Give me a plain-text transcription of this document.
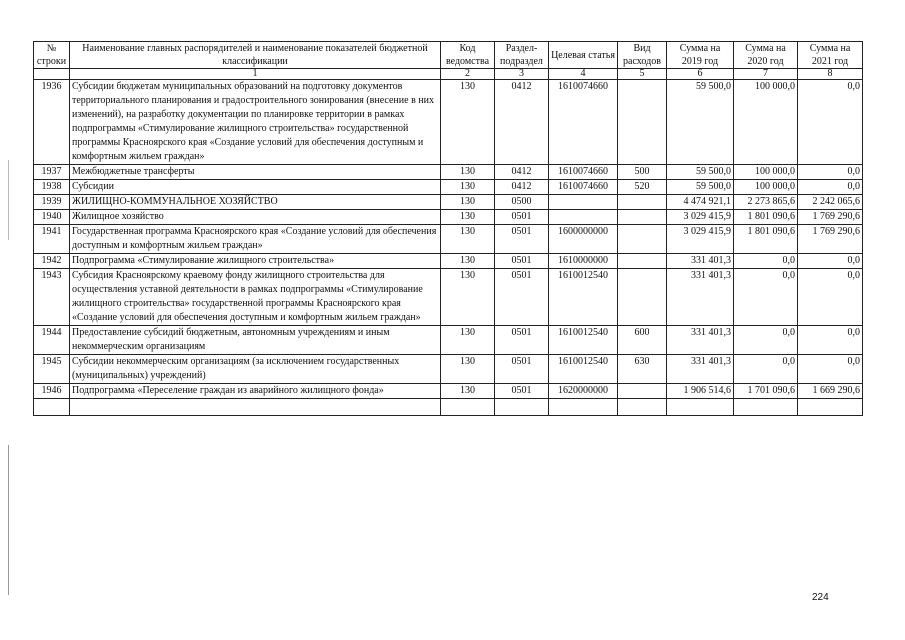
№ строки	Наименование главных распорядителей и наименование показателей бюджетной классификации	Код ведомства	Раздел-подраздел	Целевая статья	Вид расходов	Сумма на 2019 год	Сумма на 2020 год	Сумма на 2021 год
	1	2	3	4	5	6	7	8
1936	Субсидии бюджетам муниципальных образований на подготовку документов территориального планирования и градостроительного зонирования (внесение в них изменений), на разработку документации по планировке территории в рамках подпрограммы «Стимулирование жилищного строительства» государственной программы Красноярского края «Создание условий для обеспечения доступным и комфортным жильем граждан»	130	0412	1610074660		59 500,0	100 000,0	0,0
1937	Межбюджетные трансферты	130	0412	1610074660	500	59 500,0	100 000,0	0,0
1938	Субсидии	130	0412	1610074660	520	59 500,0	100 000,0	0,0
1939	ЖИЛИЩНО-КОММУНАЛЬНОЕ ХОЗЯЙСТВО	130	0500			4 474 921,1	2 273 865,6	2 242 065,6
1940	Жилищное хозяйство	130	0501			3 029 415,9	1 801 090,6	1 769 290,6
1941	Государственная программа Красноярского края «Создание условий для обеспечения доступным и комфортным жильем граждан»	130	0501	1600000000		3 029 415,9	1 801 090,6	1 769 290,6
1942	Подпрограмма «Стимулирование жилищного строительства»	130	0501	1610000000		331 401,3	0,0	0,0
1943	Субсидия Красноярскому краевому фонду жилищного строительства для осуществления уставной деятельности в рамках подпрограммы «Стимулирование жилищного строительства» государственной программы Красноярского края «Создание условий для обеспечения доступным и комфортным жильем граждан»	130	0501	1610012540		331 401,3	0,0	0,0
1944	Предоставление субсидий бюджетным, автономным учреждениям и иным некоммерческим организациям	130	0501	1610012540	600	331 401,3	0,0	0,0
1945	Субсидии некоммерческим организациям (за исключением государственных (муниципальных) учреждений)	130	0501	1610012540	630	331 401,3	0,0	0,0
1946	Подпрограмма «Переселение граждан из аварийного жилищного фонда»	130	0501	1620000000		1 906 514,6	1 701 090,6	1 669 290,6

224
